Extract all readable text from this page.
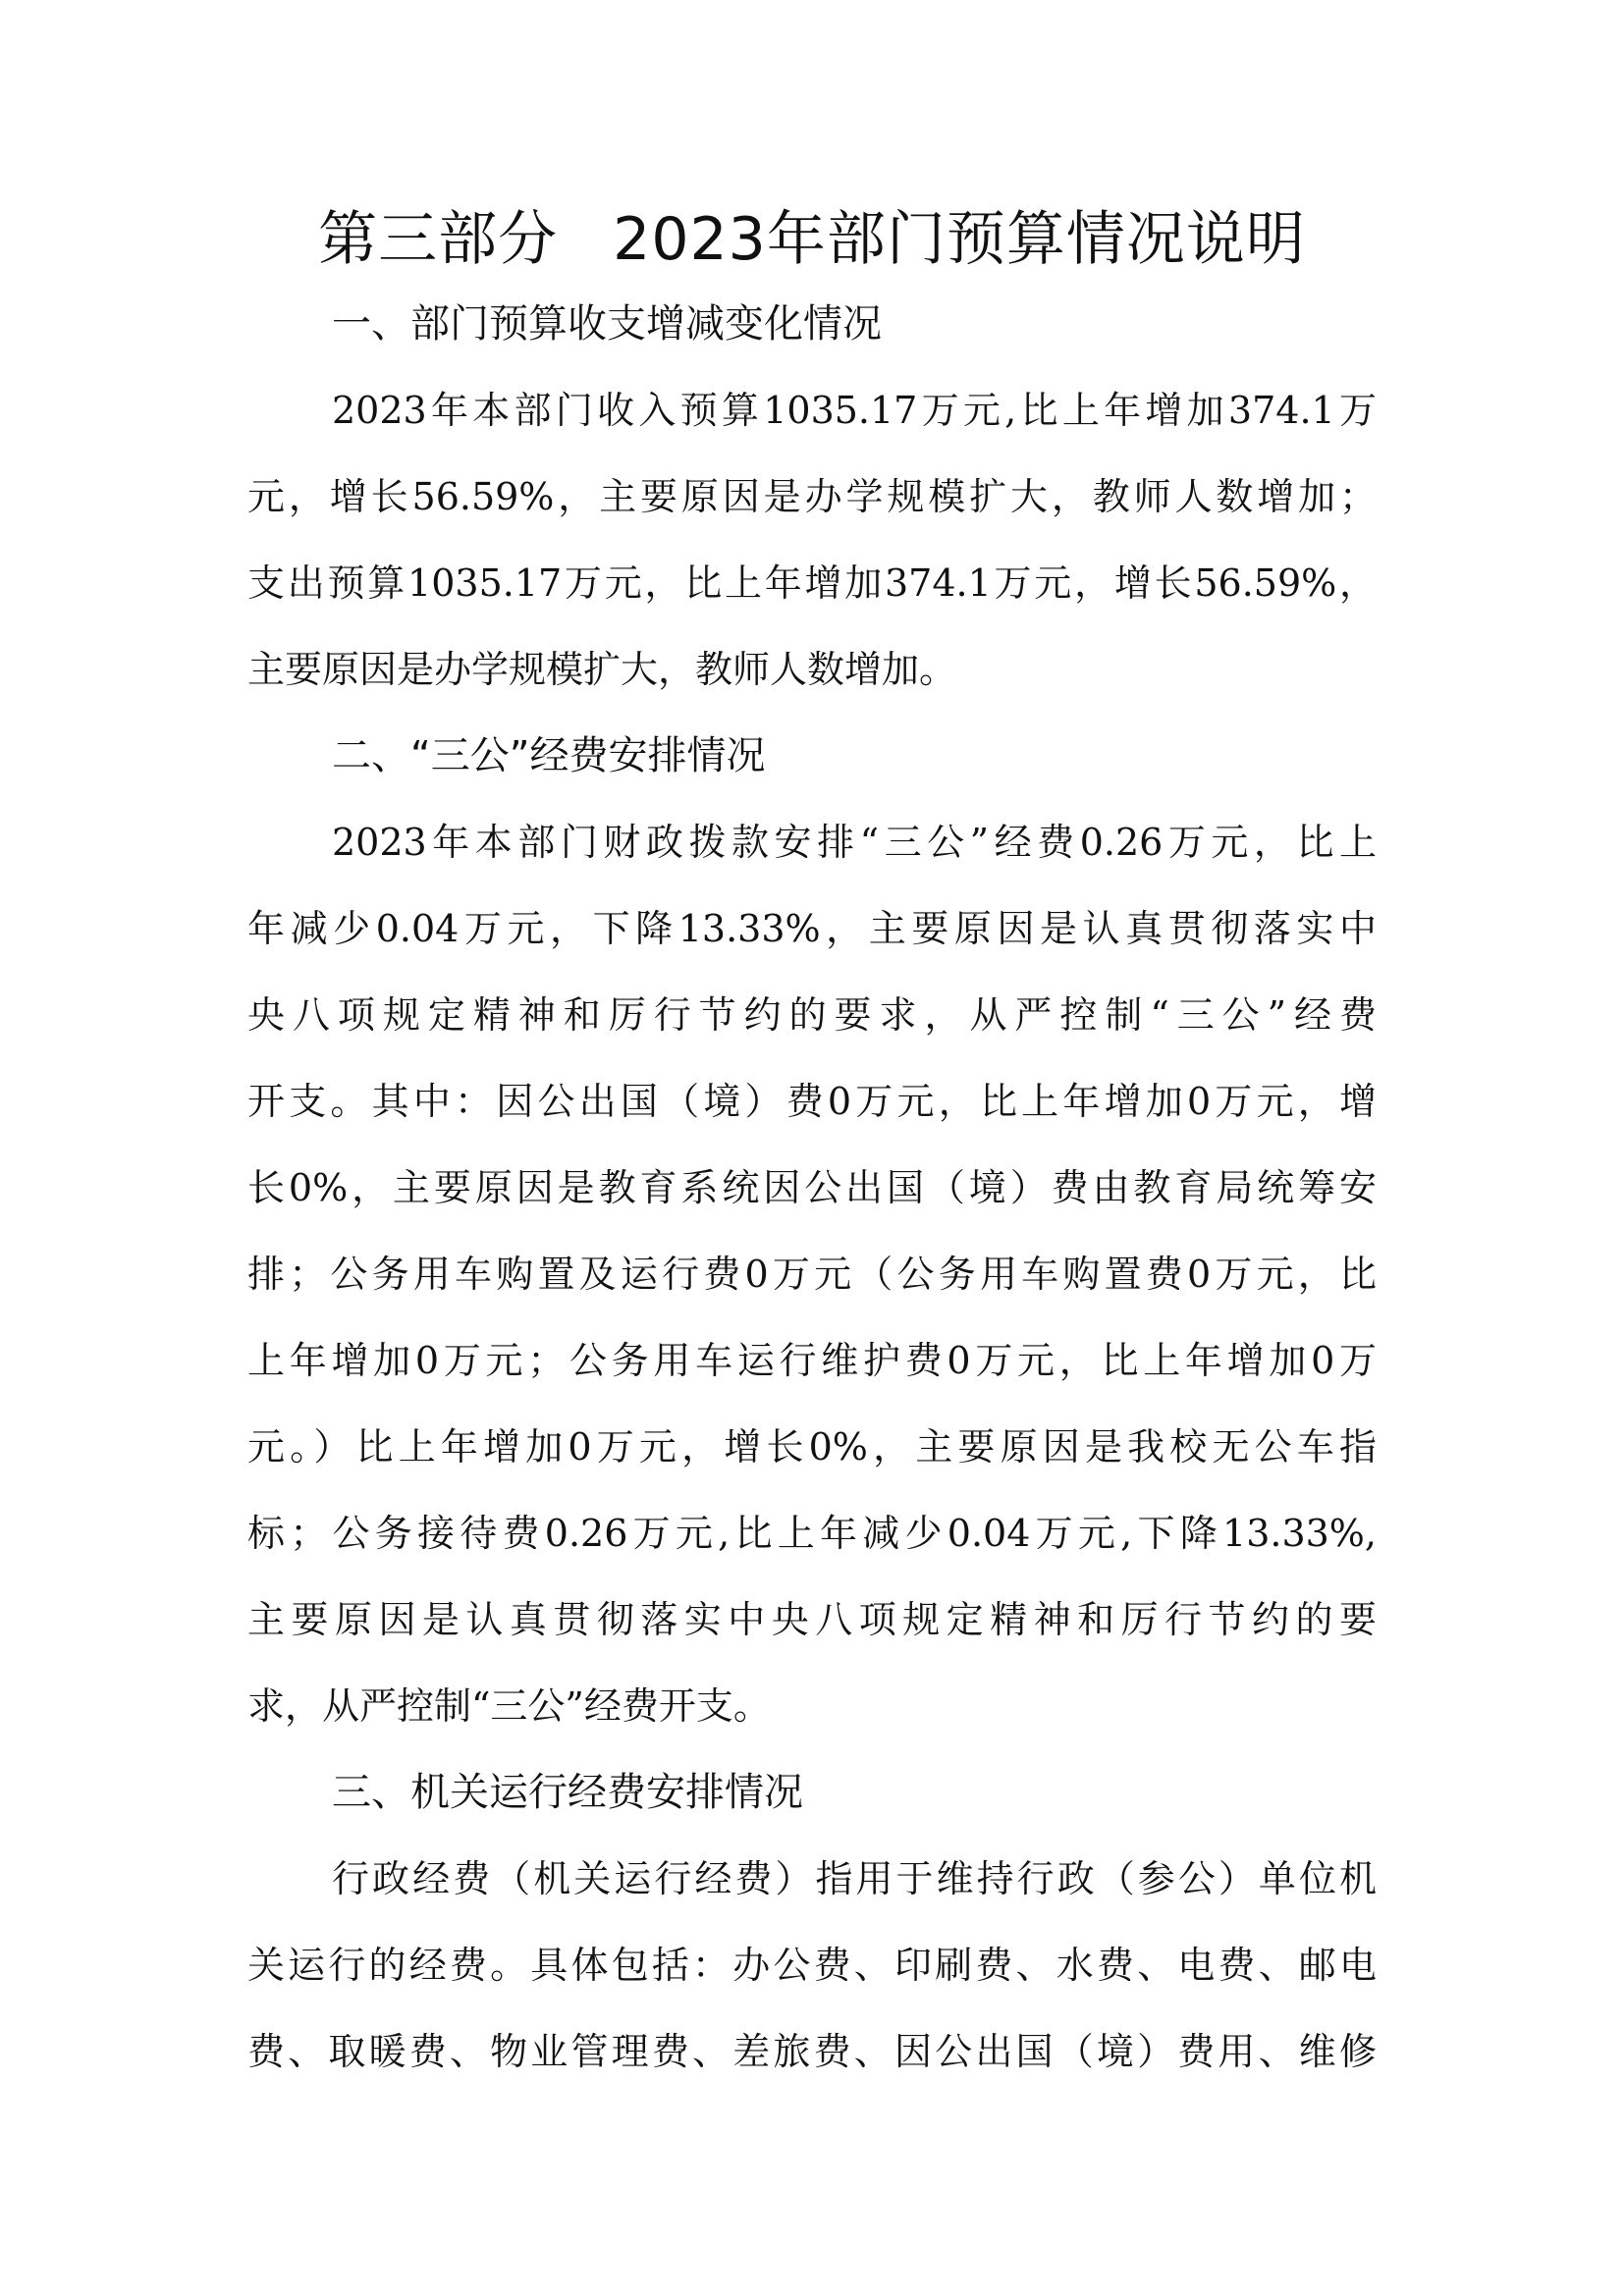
第三部分 2023年部门预算情况说明
一、部门预算收支增减变化情况
2023年本部门收入预算1035.17万元,比上年增加374.1万
元，增长56.59%，主要原因是办学规模扩大，教师人数增加；
支出预算1035.17万元，比上年增加374.1万元，增长56.59%，
主要原因是办学规模扩大，教师人数增加。
二、“三公”经费安排情况
2023年本部门财政拨款安排“三公”经费0.26万元，比上
年减少0.04万元，下降13.33%，主要原因是认真贯彻落实中
央八项规定精神和厉行节约的要求，从严控制“三公”经费
开支。其中：因公出国（境）费0万元，比上年增加0万元，增
长0%，主要原因是教育系统因公出国（境）费由教育局统筹安
排；公务用车购置及运行费0万元（公务用车购置费0万元，比
上年增加0万元；公务用车运行维护费0万元，比上年增加0万
元。）比上年增加0万元，增长0%，主要原因是我校无公车指
标；公务接待费0.26万元,比上年减少0.04万元,下降13.33%,
主要原因是认真贯彻落实中央八项规定精神和厉行节约的要
求，从严控制“三公”经费开支。
三、机关运行经费安排情况
行政经费（机关运行经费）指用于维持行政（参公）单位机
关运行的经费。具体包括：办公费、印刷费、水费、电费、邮电
费、取暖费、物业管理费、差旅费、因公出国（境）费用、维修
